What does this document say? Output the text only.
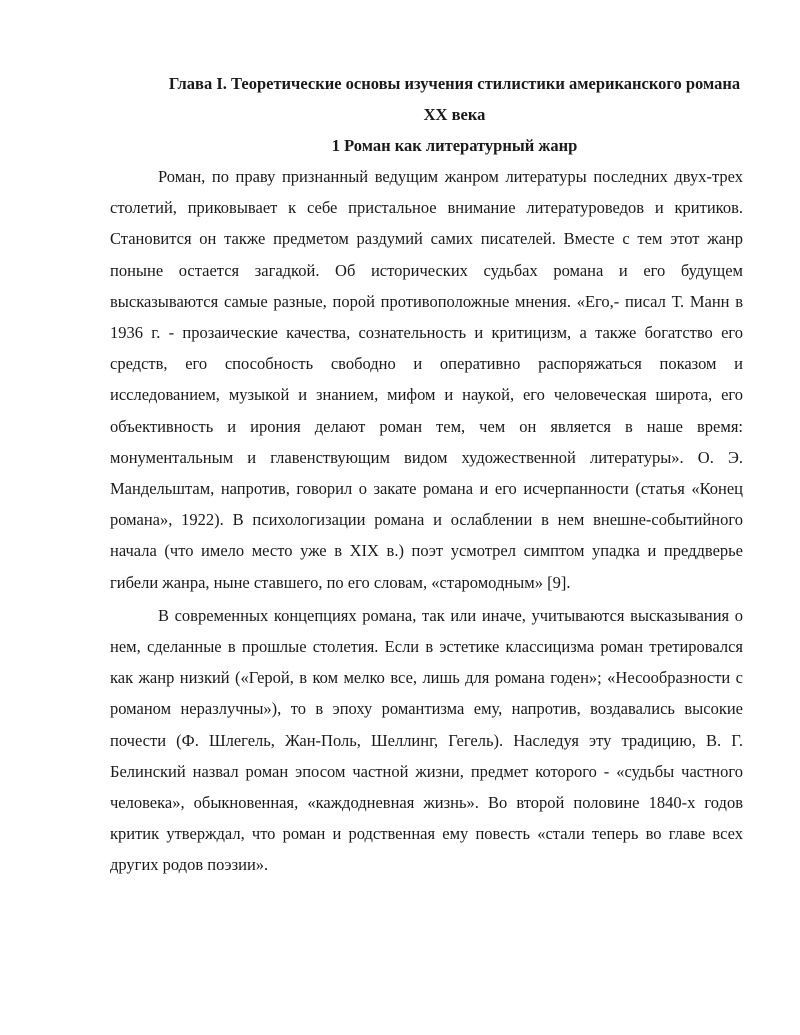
Глава I. Теоретические основы изучения стилистики американского романа XX века
1 Роман как литературный жанр

Роман, по праву признанный ведущим жанром литературы последних двух-трех столетий, приковывает к себе пристальное внимание литературоведов и критиков. Становится он также предметом раздумий самих писателей. Вместе с тем этот жанр поныне остается загадкой. Об исторических судьбах романа и его будущем высказываются самые разные, порой противоположные мнения. «Его,- писал Т. Манн в 1936 г. - прозаические качества, сознательность и критицизм, а также богатство его средств, его способность свободно и оперативно распоряжаться показом и исследованием, музыкой и знанием, мифом и наукой, его человеческая широта, его объективность и ирония делают роман тем, чем он является в наше время: монументальным и главенствующим видом художественной литературы». О. Э. Мандельштам, напротив, говорил о закате романа и его исчерпанности (статья «Конец романа», 1922). В психологизации романа и ослаблении в нем внешне-событийного начала (что имело место уже в XIX в.) поэт усмотрел симптом упадка и преддверье гибели жанра, ныне ставшего, по его словам, «старомодным» [9].

В современных концепциях романа, так или иначе, учитываются высказывания о нем, сделанные в прошлые столетия. Если в эстетике классицизма роман третировался как жанр низкий («Герой, в ком мелко все, лишь для романа годен»; «Несообразности с романом неразлучны»), то в эпоху романтизма ему, напротив, воздавались высокие почести (Ф. Шлегель, Жан-Поль, Шеллинг, Гегель). Наследуя эту традицию, В. Г. Белинский назвал роман эпосом частной жизни, предмет которого - «судьбы частного человека», обыкновенная, «каждодневная жизнь». Во второй половине 1840-х годов критик утверждал, что роман и родственная ему повесть «стали теперь во главе всех других родов поэзии».
